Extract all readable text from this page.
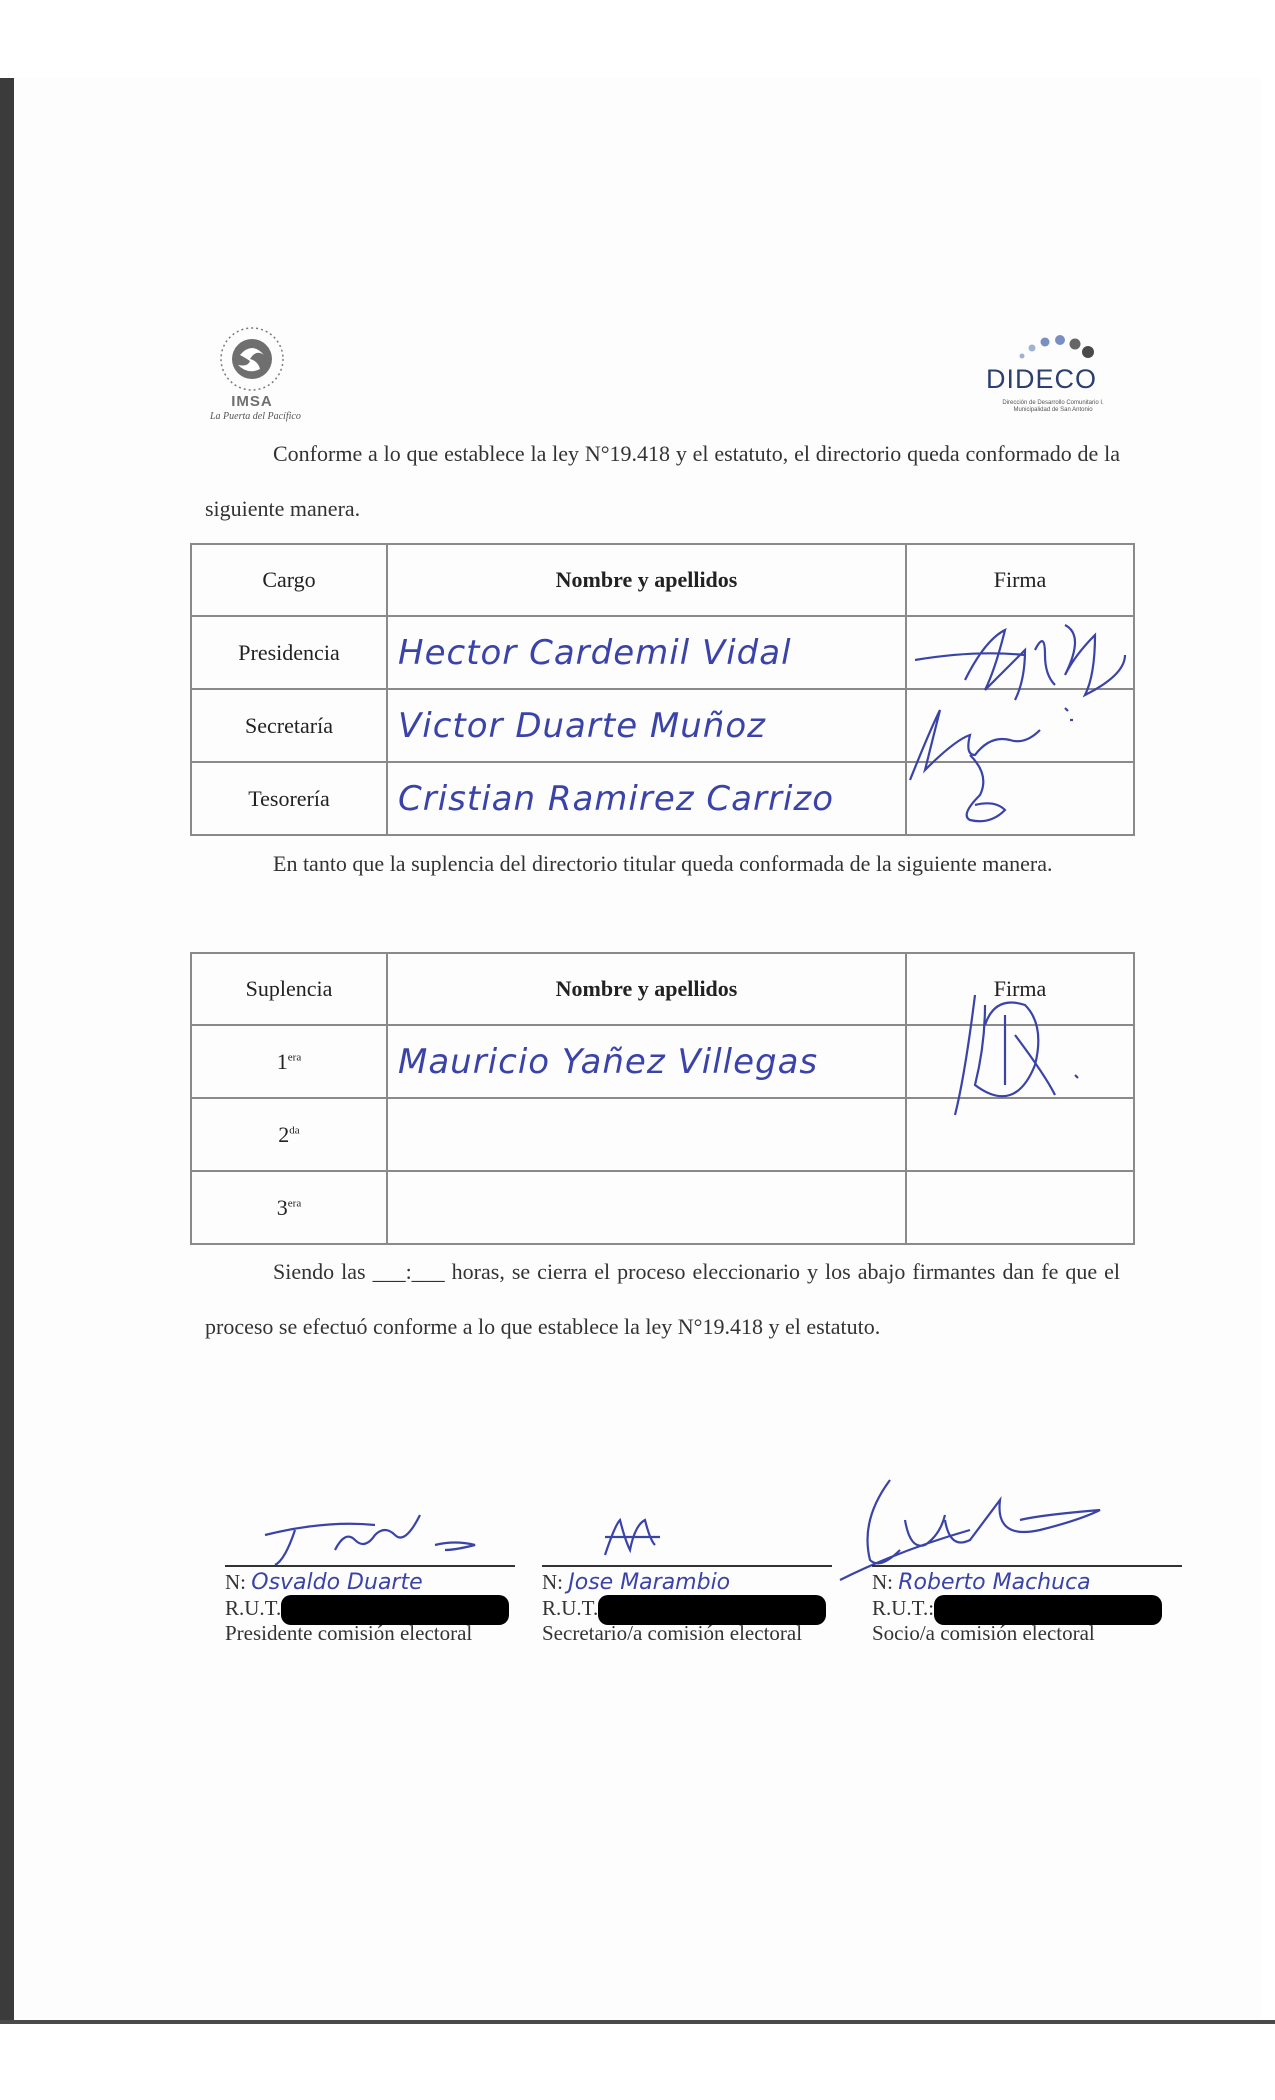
IMSA
La Puerta del Pacífico
DIDECO
Dirección de Desarrollo Comunitario I. Municipalidad de San Antonio
Conforme a lo que establece la ley N°19.418 y el estatuto, el directorio queda conformado de la siguiente manera.
Cargo	Nombre y apellidos	Firma
Presidencia	Hector Cardemil Vidal	
Secretaría	Victor Duarte Muñoz	
Tesorería	Cristian Ramirez Carrizo	
En tanto que la suplencia del directorio titular queda conformada de la siguiente manera.
Suplencia	Nombre y apellidos	Firma
$1^{era}$	Mauricio Yañez Villegas	
$2^{da}$		
$3^{era}$		
Siendo las ___:___ horas, se cierra el proceso eleccionario y los abajo firmantes dan fe que el proceso se efectuó conforme a lo que establece la ley N°19.418 y el estatuto.
N: Osvaldo Duarte
R.U.T.
Presidente comisión electoral
N: Jose Marambio
R.U.T.
Secretario/a comisión electoral
N: Roberto Machuca
R.U.T.:
Socio/a comisión electoral
